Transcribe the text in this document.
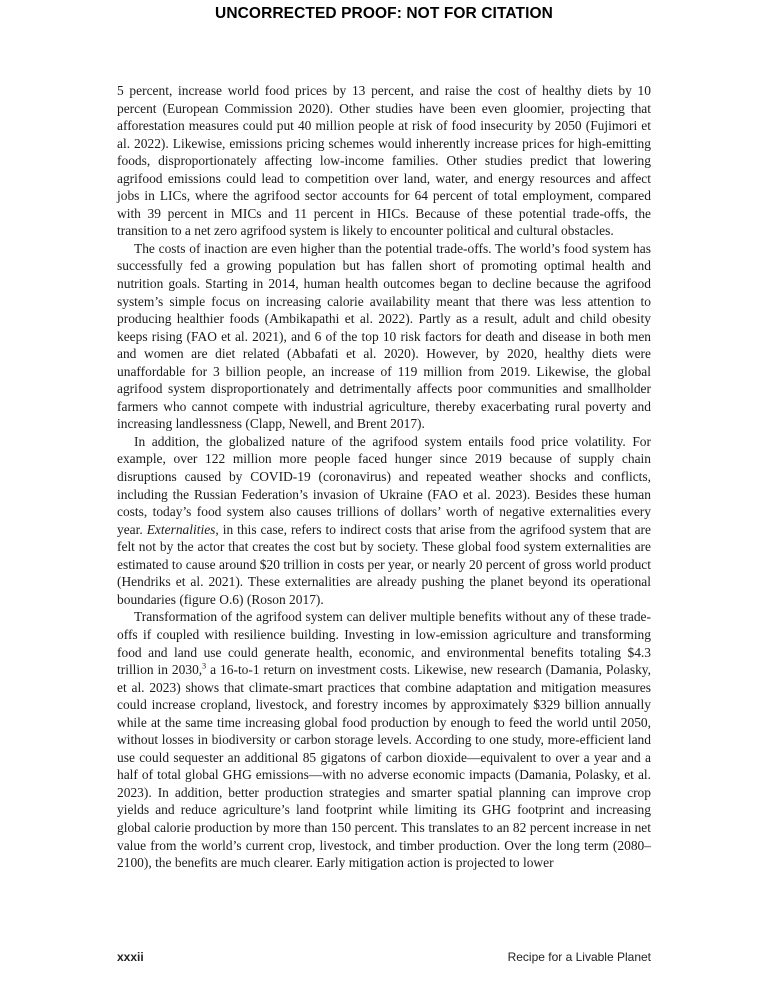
UNCORRECTED PROOF: NOT FOR CITATION

5 percent, increase world food prices by 13 percent, and raise the cost of healthy diets by 10 percent (European Commission 2020). Other studies have been even gloomier, projecting that afforestation measures could put 40 million people at risk of food insecurity by 2050 (Fujimori et al. 2022). Likewise, emissions pricing schemes would inherently increase prices for high-emitting foods, disproportionately affecting low-income families. Other studies predict that lowering agrifood emissions could lead to competition over land, water, and energy resources and affect jobs in LICs, where the agrifood sector accounts for 64 percent of total employment, compared with 39 percent in MICs and 11 percent in HICs. Because of these potential trade-offs, the transition to a net zero agrifood system is likely to encounter political and cultural obstacles.

The costs of inaction are even higher than the potential trade-offs. The world’s food system has successfully fed a growing population but has fallen short of promoting optimal health and nutrition goals. Starting in 2014, human health outcomes began to decline because the agrifood system’s simple focus on increasing calorie availability meant that there was less attention to producing healthier foods (Ambikapathi et al. 2022). Partly as a result, adult and child obesity keeps rising (FAO et al. 2021), and 6 of the top 10 risk factors for death and disease in both men and women are diet related (Abbafati et al. 2020). However, by 2020, healthy diets were unaffordable for 3 billion people, an increase of 119 million from 2019. Likewise, the global agrifood system disproportionately and detrimentally affects poor communities and smallholder farmers who cannot compete with industrial agriculture, thereby exacerbating rural poverty and increasing landlessness (Clapp, Newell, and Brent 2017).

In addition, the globalized nature of the agrifood system entails food price volatility. For example, over 122 million more people faced hunger since 2019 because of supply chain disruptions caused by COVID-19 (coronavirus) and repeated weather shocks and conflicts, including the Russian Federation’s invasion of Ukraine (FAO et al. 2023). Besides these human costs, today’s food system also causes trillions of dollars’ worth of negative externalities every year. Externalities, in this case, refers to indirect costs that arise from the agrifood system that are felt not by the actor that creates the cost but by society. These global food system externalities are estimated to cause around $20 trillion in costs per year, or nearly 20 percent of gross world product (Hendriks et al. 2021). These externalities are already pushing the planet beyond its operational boundaries (figure O.6) (Roson 2017).

Transformation of the agrifood system can deliver multiple benefits without any of these trade-offs if coupled with resilience building. Investing in low-emission agriculture and transforming food and land use could generate health, economic, and environmental benefits totaling $4.3 trillion in 2030,$^3$ a 16-to-1 return on investment costs. Likewise, new research (Damania, Polasky, et al. 2023) shows that climate-smart practices that combine adaptation and mitigation measures could increase cropland, livestock, and forestry incomes by approximately $329 billion annually while at the same time increasing global food production by enough to feed the world until 2050, without losses in biodiversity or carbon storage levels. According to one study, more-efficient land use could sequester an additional 85 gigatons of carbon dioxide—equivalent to over a year and a half of total global GHG emissions—with no adverse economic impacts (Damania, Polasky, et al. 2023). In addition, better production strategies and smarter spatial planning can improve crop yields and reduce agriculture’s land footprint while limiting its GHG footprint and increasing global calorie production by more than 150 percent. This translates to an 82 percent increase in net value from the world’s current crop, livestock, and timber production. Over the long term (2080–2100), the benefits are much clearer. Early mitigation action is projected to lower

xxxii	Recipe for a Livable Planet
